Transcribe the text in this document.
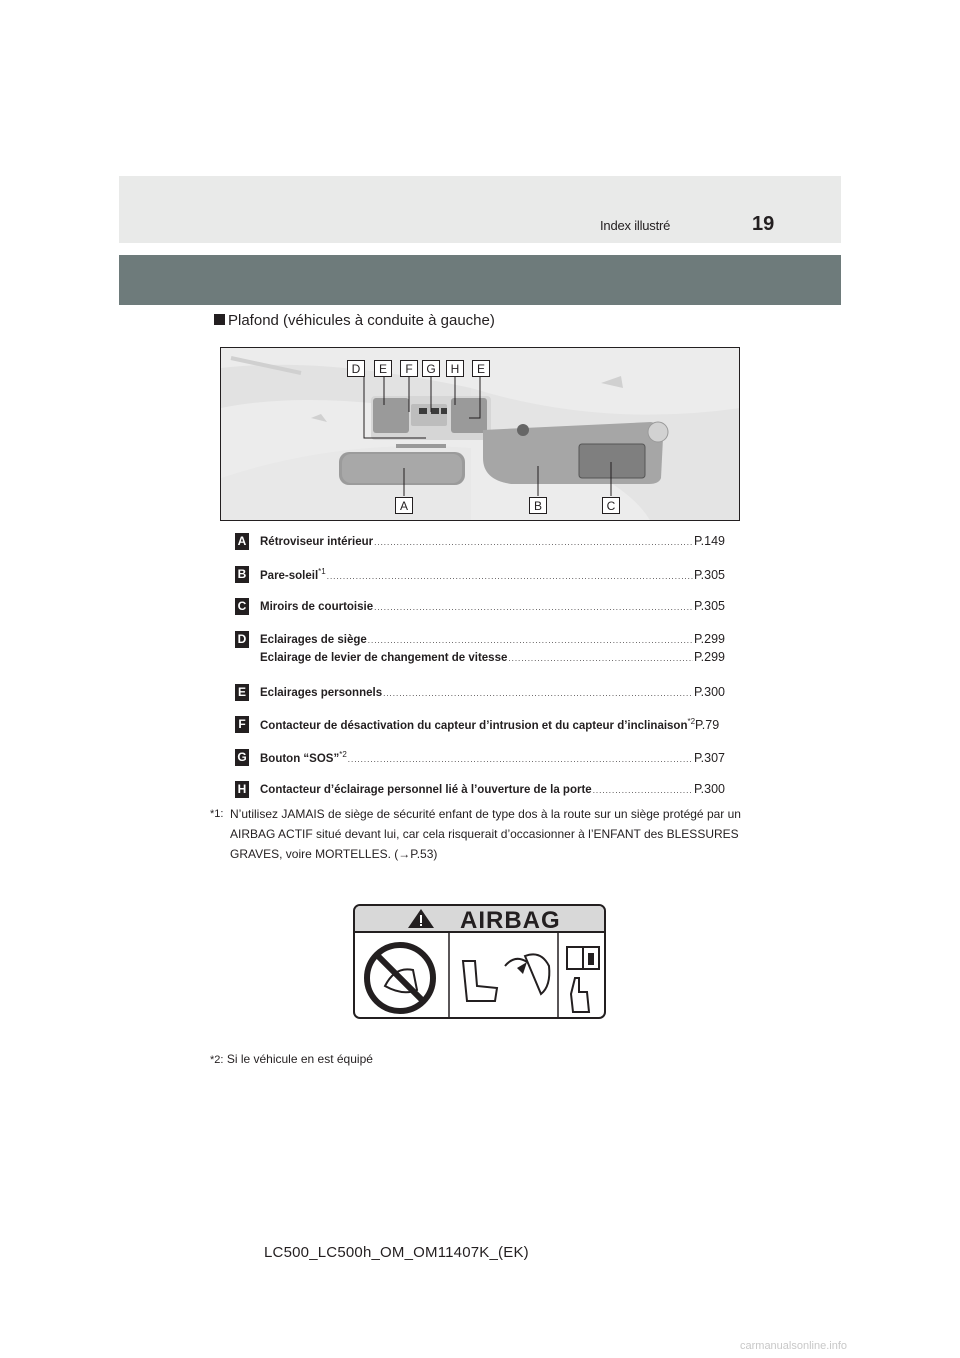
Index illustré	19
Plafond (véhicules à conduite à gauche)
D	E	F	G	H	E
A	B	C
A Rétroviseur intérieur .....	P.149
B Pare-soleil$^{*1}$ .....	P.305
C Miroirs de courtoisie .....	P.305
D Eclairages de siège .....	P.299
Eclairage de levier de changement de vitesse .....	P.299
E Eclairages personnels .....	P.300
F Contacteur de désactivation du capteur d’intrusion et du capteur d’inclinaison$^{*2}$ P.79
G Bouton “SOS”$^{*2}$ .....	P.307
H Contacteur d’éclairage personnel lié à l’ouverture de la porte .....	P.300
*1: N’utilisez JAMAIS de siège de sécurité enfant de type dos à la route sur un siège protégé par un AIRBAG ACTIF situé devant lui, car cela risquerait d’occasionner à l’ENFANT des BLESSURES GRAVES, voire MORTELLES. (→P.53)
AIRBAG
*2: Si le véhicule en est équipé
LC500_LC500h_OM_OM11407K_(EK)
carmanualsonline.info
